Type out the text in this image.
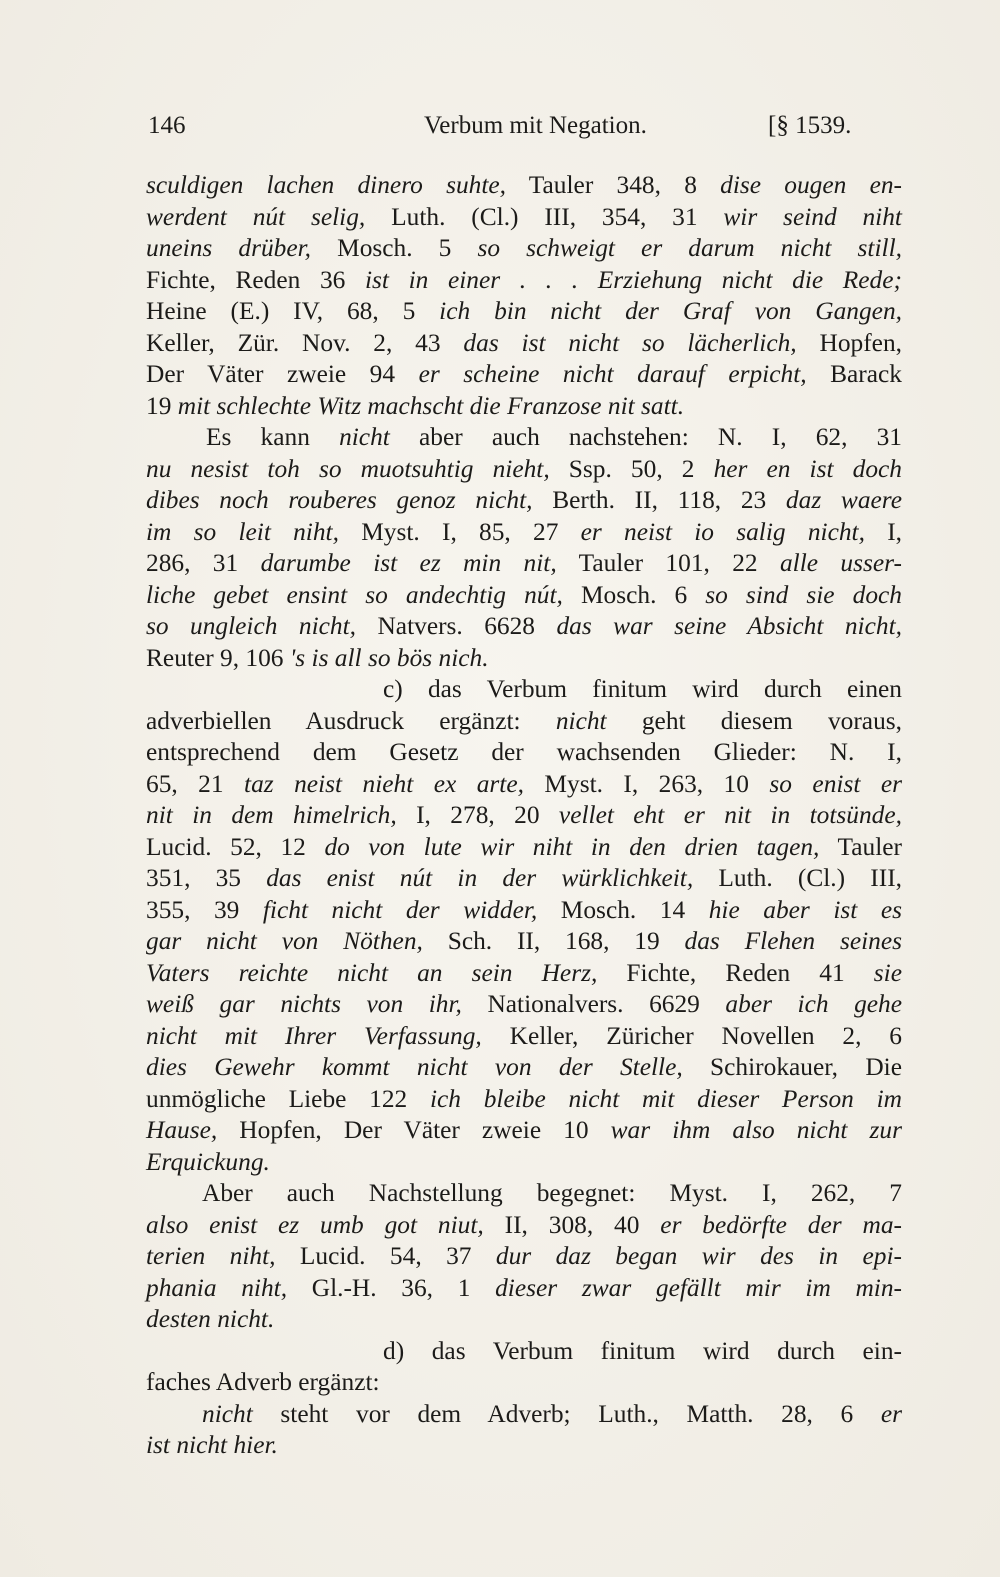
146	Verbum mit Negation.	[§ 1539.
sculdigen lachen dinero suhte, Tauler 348, 8 dise ougen en-
werdent nút selig, Luth. (Cl.) III, 354, 31 wir seind niht
uneins drüber, Mosch. 5 so schweigt er darum nicht still,
Fichte, Reden 36 ist in einer . . . Erziehung nicht die Rede;
Heine (E.) IV, 68, 5 ich bin nicht der Graf von Gangen,
Keller, Zür. Nov. 2, 43 das ist nicht so lächerlich, Hopfen,
Der Väter zweie 94 er scheine nicht darauf erpicht, Barack
19 mit schlechte Witz machscht die Franzose nit satt.
Es kann nicht aber auch nachstehen: N. I, 62, 31
nu nesist toh so muotsuhtig nieht, Ssp. 50, 2 her en ist doch
dibes noch rouberes genoz nicht, Berth. II, 118, 23 daz waere
im so leit niht, Myst. I, 85, 27 er neist io salig nicht, I,
286, 31 darumbe ist ez min nit, Tauler 101, 22 alle usser-
liche gebet ensint so andechtig nút, Mosch. 6 so sind sie doch
so ungleich nicht, Natvers. 6628 das war seine Absicht nicht,
Reuter 9, 106 's is all so bös nich.
c) das Verbum finitum wird durch einen
adverbiellen Ausdruck ergänzt: nicht geht diesem voraus,
entsprechend dem Gesetz der wachsenden Glieder: N. I,
65, 21 taz neist nieht ex arte, Myst. I, 263, 10 so enist er
nit in dem himelrich, I, 278, 20 vellet eht er nit in totsünde,
Lucid. 52, 12 do von lute wir niht in den drien tagen, Tauler
351, 35 das enist nút in der würklichkeit, Luth. (Cl.) III,
355, 39 ficht nicht der widder, Mosch. 14 hie aber ist es
gar nicht von Nöthen, Sch. II, 168, 19 das Flehen seines
Vaters reichte nicht an sein Herz, Fichte, Reden 41 sie
weiß gar nichts von ihr, Nationalvers. 6629 aber ich gehe
nicht mit Ihrer Verfassung, Keller, Züricher Novellen 2, 6
dies Gewehr kommt nicht von der Stelle, Schirokauer, Die
unmögliche Liebe 122 ich bleibe nicht mit dieser Person im
Hause, Hopfen, Der Väter zweie 10 war ihm also nicht zur
Erquickung.
Aber auch Nachstellung begegnet: Myst. I, 262, 7
also enist ez umb got niut, II, 308, 40 er bedörfte der ma-
terien niht, Lucid. 54, 37 dur daz began wir des in epi-
phania niht, Gl.-H. 36, 1 dieser zwar gefällt mir im min-
desten nicht.
d) das Verbum finitum wird durch ein-
faches Adverb ergänzt:
nicht steht vor dem Adverb; Luth., Matth. 28, 6 er
ist nicht hier.
